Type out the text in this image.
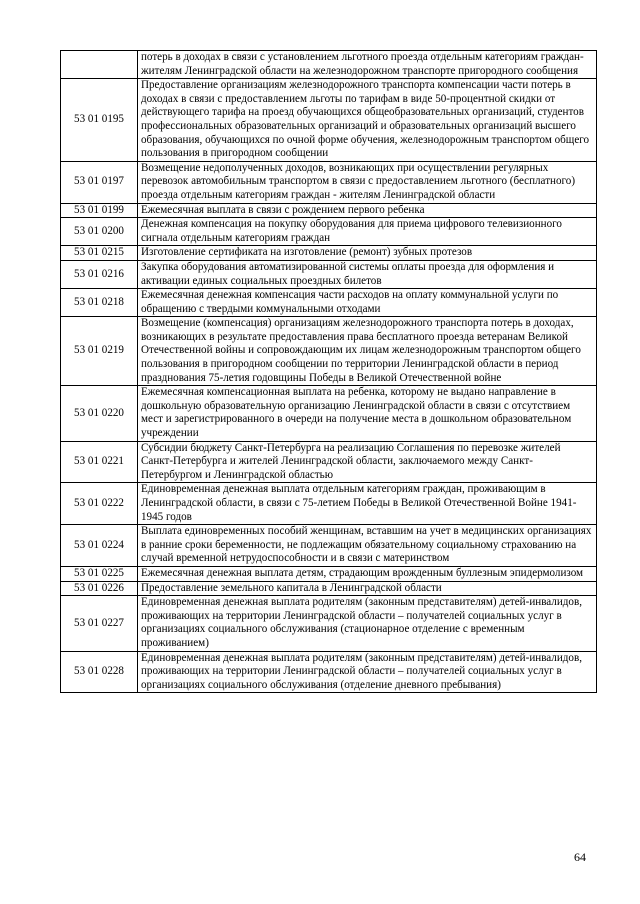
	потерь в доходах в связи с установлением льготного проезда отдельным категориям граждан-жителям Ленинградской области на железнодорожном транспорте пригородного сообщения
53 01 0195	Предоставление организациям железнодорожного транспорта компенсации части потерь в доходах в связи с предоставлением льготы по тарифам в виде 50-процентной скидки от действующего тарифа на проезд обучающихся общеобразовательных организаций, студентов профессиональных образовательных организаций и образовательных организаций высшего образования, обучающихся по очной форме обучения, железнодорожным транспортом общего пользования в пригородном сообщении
53 01 0197	Возмещение недополученных доходов, возникающих при осуществлении регулярных перевозок автомобильным транспортом в связи с предоставлением льготного (бесплатного) проезда отдельным категориям граждан - жителям Ленинградской области
53 01 0199	Ежемесячная выплата в связи с рождением первого ребенка
53 01 0200	Денежная компенсация на покупку оборудования для приема цифрового телевизионного сигнала отдельным категориям граждан
53 01 0215	Изготовление сертификата на изготовление (ремонт) зубных протезов
53 01 0216	Закупка оборудования автоматизированной системы оплаты проезда для оформления и активации единых социальных проездных билетов
53 01 0218	Ежемесячная денежная компенсация части расходов на оплату коммунальной услуги по обращению с твердыми коммунальными отходами
53 01 0219	Возмещение (компенсация) организациям железнодорожного транспорта потерь в доходах, возникающих в результате предоставления права бесплатного проезда ветеранам Великой Отечественной войны и сопровождающим их лицам железнодорожным транспортом общего пользования в пригородном сообщении по территории Ленинградской области в период празднования 75-летия годовщины Победы в Великой Отечественной войне
53 01 0220	Ежемесячная компенсационная выплата на ребенка, которому не выдано направление в дошкольную образовательную организацию Ленинградской области в связи с отсутствием мест и зарегистрированного в очереди на получение места в дошкольном образовательном учреждении
53 01 0221	Субсидии бюджету Санкт-Петербурга на реализацию Соглашения по перевозке жителей Санкт-Петербурга и жителей Ленинградской области, заключаемого между Санкт-Петербургом и Ленинградской областью
53 01 0222	Единовременная денежная выплата отдельным категориям граждан, проживающим в Ленинградской области, в связи с 75-летием Победы в Великой Отечественной Войне 1941-1945 годов
53 01 0224	Выплата единовременных пособий женщинам, вставшим на учет в медицинских организациях в ранние сроки беременности, не подлежащим обязательному социальному страхованию на случай временной нетрудоспособности и в связи с материнством
53 01 0225	Ежемесячная денежная выплата детям, страдающим врожденным буллезным эпидермолизом
53 01 0226	Предоставление земельного капитала в Ленинградской области
53 01 0227	Единовременная денежная выплата родителям (законным представителям) детей-инвалидов, проживающих на территории Ленинградской области – получателей социальных услуг в организациях социального обслуживания (стационарное отделение с временным проживанием)
53 01 0228	Единовременная денежная выплата родителям (законным представителям) детей-инвалидов, проживающих на территории Ленинградской области – получателей социальных услуг в организациях социального обслуживания (отделение дневного пребывания)
64
